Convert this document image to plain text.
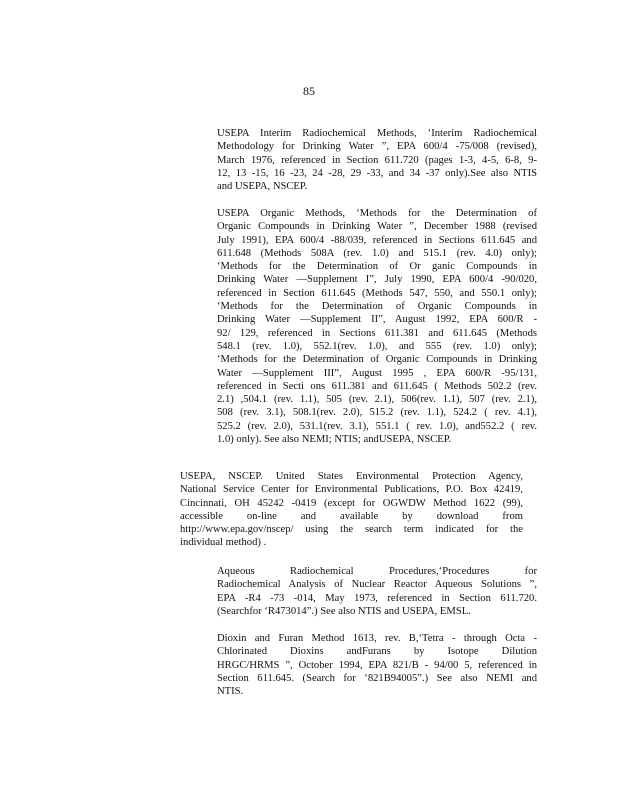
85
USEPA Interim Radiochemical Methods, ‘Interim Radiochemical
Methodology for Drinking Water ”, EPA 600/4 -75/008 (revised),
March 1976, referenced in Section 611.720 (pages 1-3, 4-5, 6-8, 9-
12, 13 -15, 16 -23, 24 -28, 29 -33, and 34 -37 only).See also NTIS
and USEPA, NSCEP.
USEPA Organic Methods, ‘Methods for the Determination of
Organic Compounds in Drinking Water ”, December 1988 (revised
July 1991), EPA 600/4 -88/039, referenced in Sections 611.645 and
611.648 (Methods 508A (rev. 1.0) and 515.1 (rev. 4.0) only);
‘Methods for the Determination of Or ganic Compounds in
Drinking Water —Supplement I”, July 1990, EPA 600/4 -90/020,
referenced in Section 611.645 (Methods 547, 550, and 550.1 only);
‘Methods for the Determination of Organic Compounds in
Drinking Water —Supplement II”, August 1992, EPA 600/R -
92/ 129, referenced in Sections 611.381 and 611.645 (Methods
548.1 (rev. 1.0), 552.1(rev. 1.0), and 555 (rev. 1.0) only);
‘Methods for the Determination of Organic Compounds in Drinking
Water —Supplement III”, August 1995 , EPA 600/R -95/131,
referenced in Secti ons 611.381 and 611.645 ( Methods 502.2 (rev.
2.1) ,504.1 (rev. 1.1), 505 (rev. 2.1), 506(rev. 1.1), 507 (rev. 2.1),
508 (rev. 3.1), 508.1(rev. 2.0), 515.2 (rev. 1.1), 524.2 ( rev. 4.1),
525.2 (rev. 2.0), 531.1(rev. 3.1), 551.1 ( rev. 1.0), and552.2 ( rev.
1.0) only). See also NEMI; NTIS; andUSEPA, NSCEP.
USEPA, NSCEP. United States Environmental Protection Agency,
National Service Center for Environmental Publications, P.O. Box 42419,
Cincinnati, OH 45242 -0419 (except for OGWDW Method 1622 (99),
accessible on-line and available by download from
http://www.epa.gov/nscep/ using the search term indicated for the
individual method) .
Aqueous Radiochemical Procedures,‘Procedures for
Radiochemical Analysis of Nuclear Reactor Aqueous Solutions ”,
EPA -R4 -73 -014, May 1973, referenced in Section 611.720.
(Searchfor ‘R473014”.) See also NTIS and USEPA, EMSL.
Dioxin and Furan Method 1613, rev. B,‘Tetra - through Octa -
Chlorinated Dioxins andFurans by Isotope Dilution
HRGC/HRMS ”, October 1994, EPA 821/B - 94/00 5, referenced in
Section 611.645. (Search for ‘821B94005”.) See also NEMI and
NTIS.
